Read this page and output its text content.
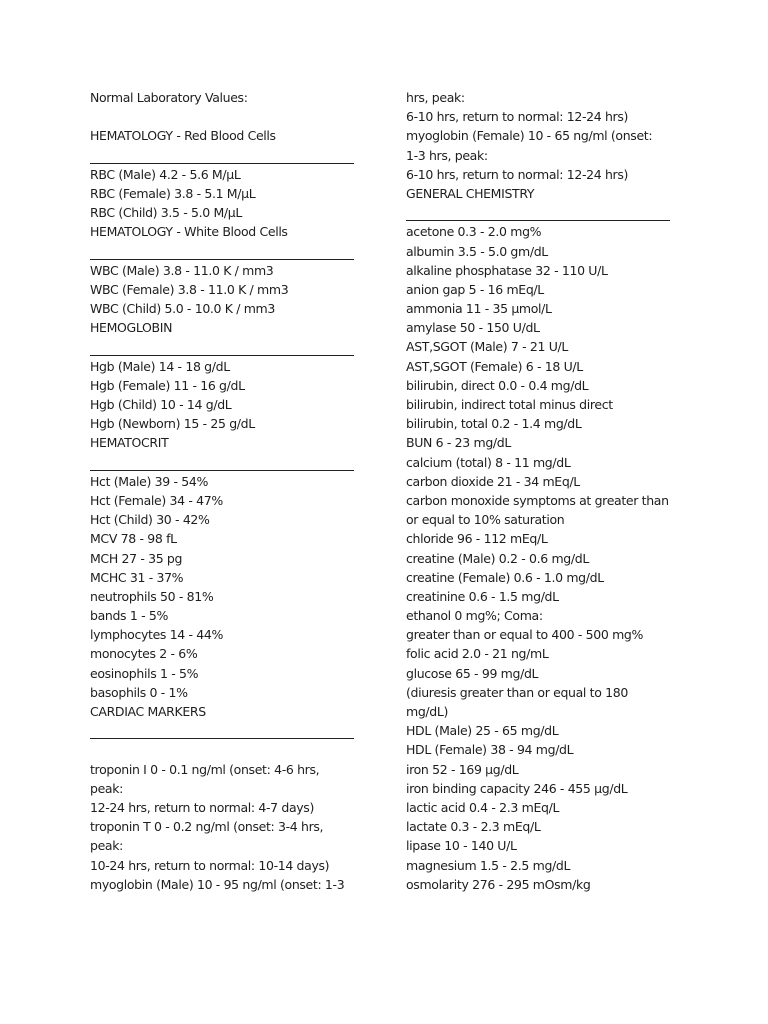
Normal Laboratory Values:
HEMATOLOGY - Red Blood Cells
RBC (Male) 4.2 - 5.6 M/µL
RBC (Female) 3.8 - 5.1 M/µL
RBC (Child) 3.5 - 5.0 M/µL
HEMATOLOGY - White Blood Cells
WBC (Male) 3.8 - 11.0 K / mm3
WBC (Female) 3.8 - 11.0 K / mm3
WBC (Child) 5.0 - 10.0 K / mm3
HEMOGLOBIN
Hgb (Male) 14 - 18 g/dL
Hgb (Female) 11 - 16 g/dL
Hgb (Child) 10 - 14 g/dL
Hgb (Newborn) 15 - 25 g/dL
HEMATOCRIT
Hct (Male) 39 - 54%
Hct (Female) 34 - 47%
Hct (Child) 30 - 42%
MCV 78 - 98 fL
MCH 27 - 35 pg
MCHC 31 - 37%
neutrophils 50 - 81%
bands 1 - 5%
lymphocytes 14 - 44%
monocytes 2 - 6%
eosinophils 1 - 5%
basophils 0 - 1%
CARDIAC MARKERS
troponin I 0 - 0.1 ng/ml (onset: 4-6 hrs,
peak:
12-24 hrs, return to normal: 4-7 days)
troponin T 0 - 0.2 ng/ml (onset: 3-4 hrs,
peak:
10-24 hrs, return to normal: 10-14 days)
myoglobin (Male) 10 - 95 ng/ml (onset: 1-3
hrs, peak:
6-10 hrs, return to normal: 12-24 hrs)
myoglobin (Female) 10 - 65 ng/ml (onset:
1-3 hrs, peak:
6-10 hrs, return to normal: 12-24 hrs)
GENERAL CHEMISTRY
acetone 0.3 - 2.0 mg%
albumin 3.5 - 5.0 gm/dL
alkaline phosphatase 32 - 110 U/L
anion gap 5 - 16 mEq/L
ammonia 11 - 35 µmol/L
amylase 50 - 150 U/dL
AST,SGOT (Male) 7 - 21 U/L
AST,SGOT (Female) 6 - 18 U/L
bilirubin, direct 0.0 - 0.4 mg/dL
bilirubin, indirect total minus direct
bilirubin, total 0.2 - 1.4 mg/dL
BUN 6 - 23 mg/dL
calcium (total) 8 - 11 mg/dL
carbon dioxide 21 - 34 mEq/L
carbon monoxide symptoms at greater than
or equal to 10% saturation
chloride 96 - 112 mEq/L
creatine (Male) 0.2 - 0.6 mg/dL
creatine (Female) 0.6 - 1.0 mg/dL
creatinine 0.6 - 1.5 mg/dL
ethanol 0 mg%; Coma:
greater than or equal to 400 - 500 mg%
folic acid 2.0 - 21 ng/mL
glucose 65 - 99 mg/dL
(diuresis greater than or equal to 180
mg/dL)
HDL (Male) 25 - 65 mg/dL
HDL (Female) 38 - 94 mg/dL
iron 52 - 169 µg/dL
iron binding capacity 246 - 455 µg/dL
lactic acid 0.4 - 2.3 mEq/L
lactate 0.3 - 2.3 mEq/L
lipase 10 - 140 U/L
magnesium 1.5 - 2.5 mg/dL
osmolarity 276 - 295 mOsm/kg
